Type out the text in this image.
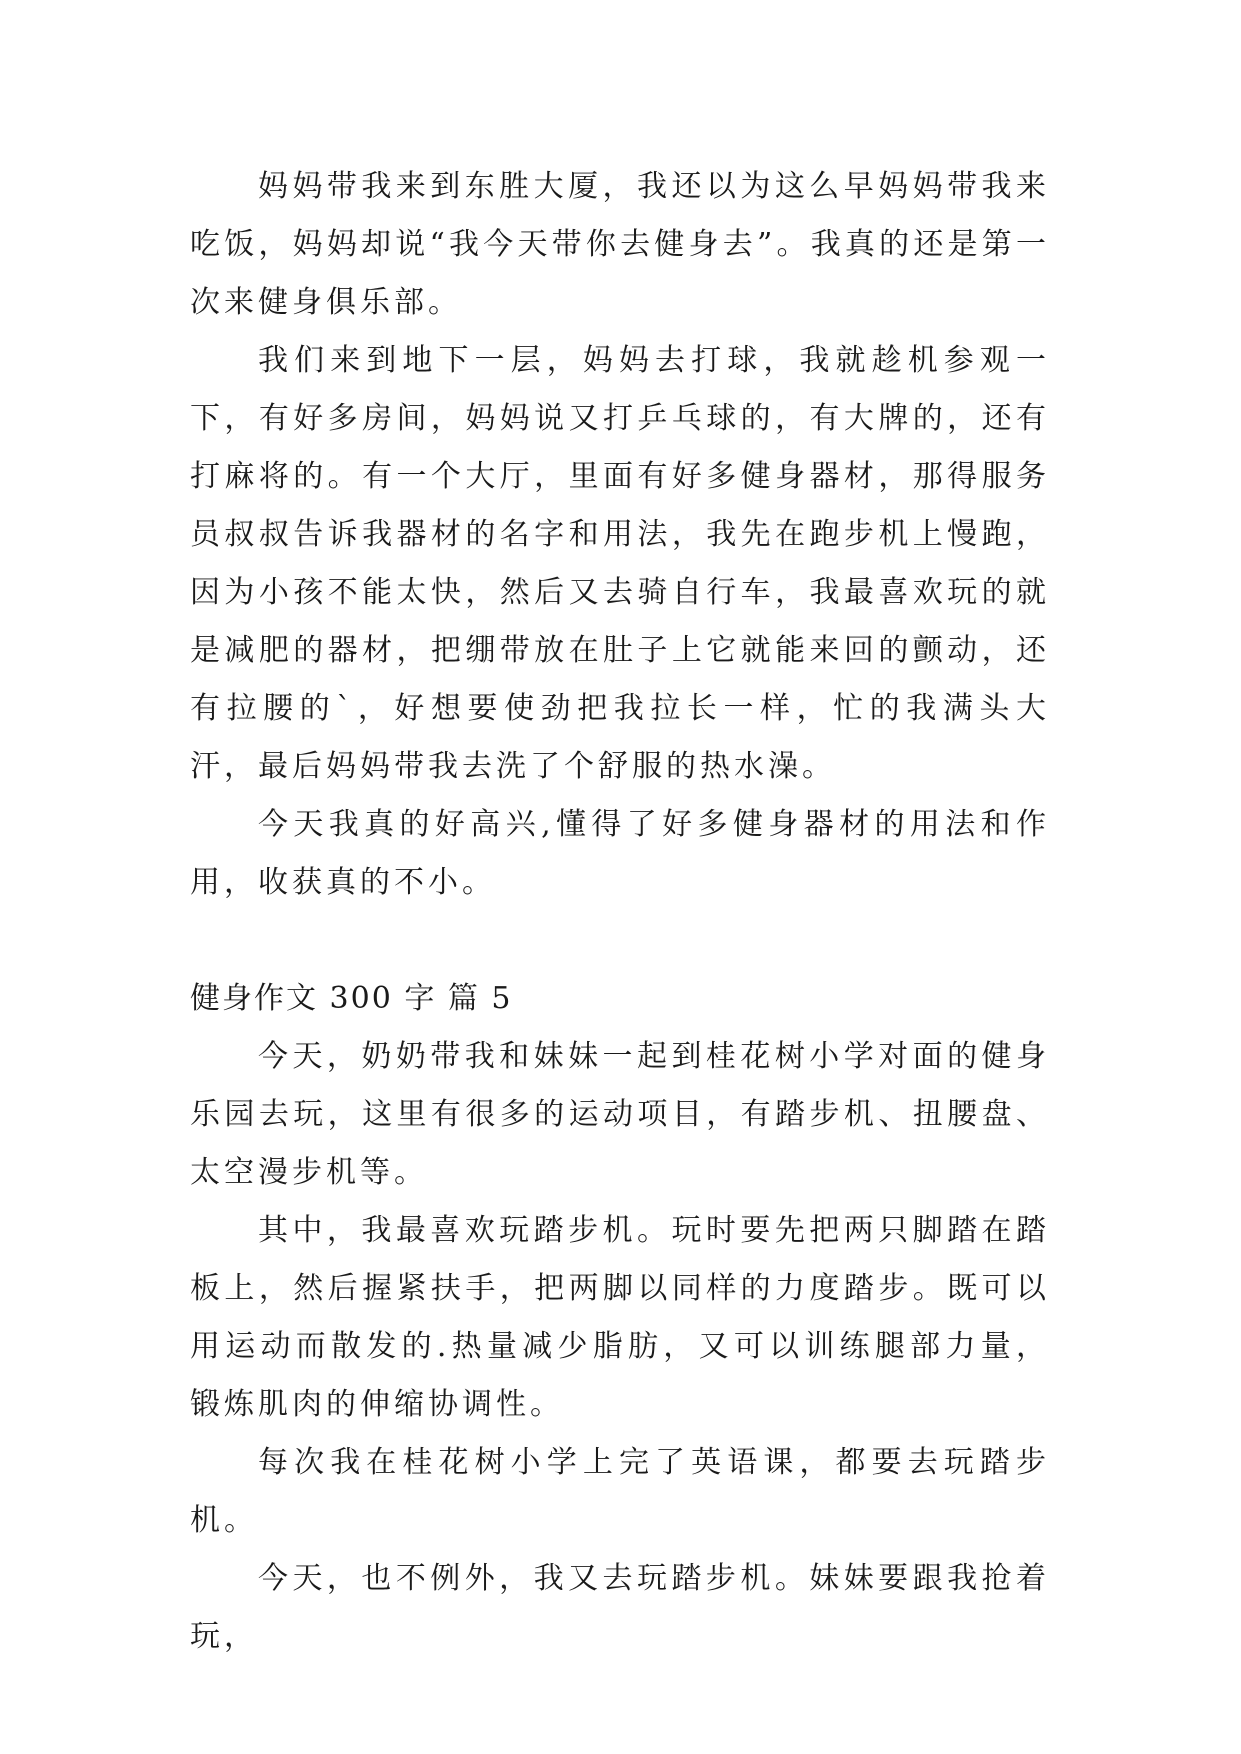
妈妈带我来到东胜大厦，我还以为这么早妈妈带我来吃饭，妈妈却说“我今天带你去健身去”。我真的还是第一次来健身俱乐部。

我们来到地下一层，妈妈去打球，我就趁机参观一下，有好多房间，妈妈说又打乒乓球的，有大牌的，还有打麻将的。有一个大厅，里面有好多健身器材，那得服务员叔叔告诉我器材的名字和用法，我先在跑步机上慢跑，因为小孩不能太快，然后又去骑自行车，我最喜欢玩的就是减肥的器材，把绷带放在肚子上它就能来回的颤动，还有拉腰的`，好想要使劲把我拉长一样，忙的我满头大汗，最后妈妈带我去洗了个舒服的热水澡。

今天我真的好高兴,懂得了好多健身器材的用法和作用，收获真的不小。

健身作文 300 字 篇 5

今天，奶奶带我和妹妹一起到桂花树小学对面的健身乐园去玩，这里有很多的运动项目，有踏步机、扭腰盘、太空漫步机等。

其中，我最喜欢玩踏步机。玩时要先把两只脚踏在踏板上，然后握紧扶手，把两脚以同样的力度踏步。既可以用运动而散发的.热量减少脂肪，又可以训练腿部力量，锻炼肌肉的伸缩协调性。

每次我在桂花树小学上完了英语课，都要去玩踏步机。

今天，也不例外，我又去玩踏步机。妹妹要跟我抢着玩，
